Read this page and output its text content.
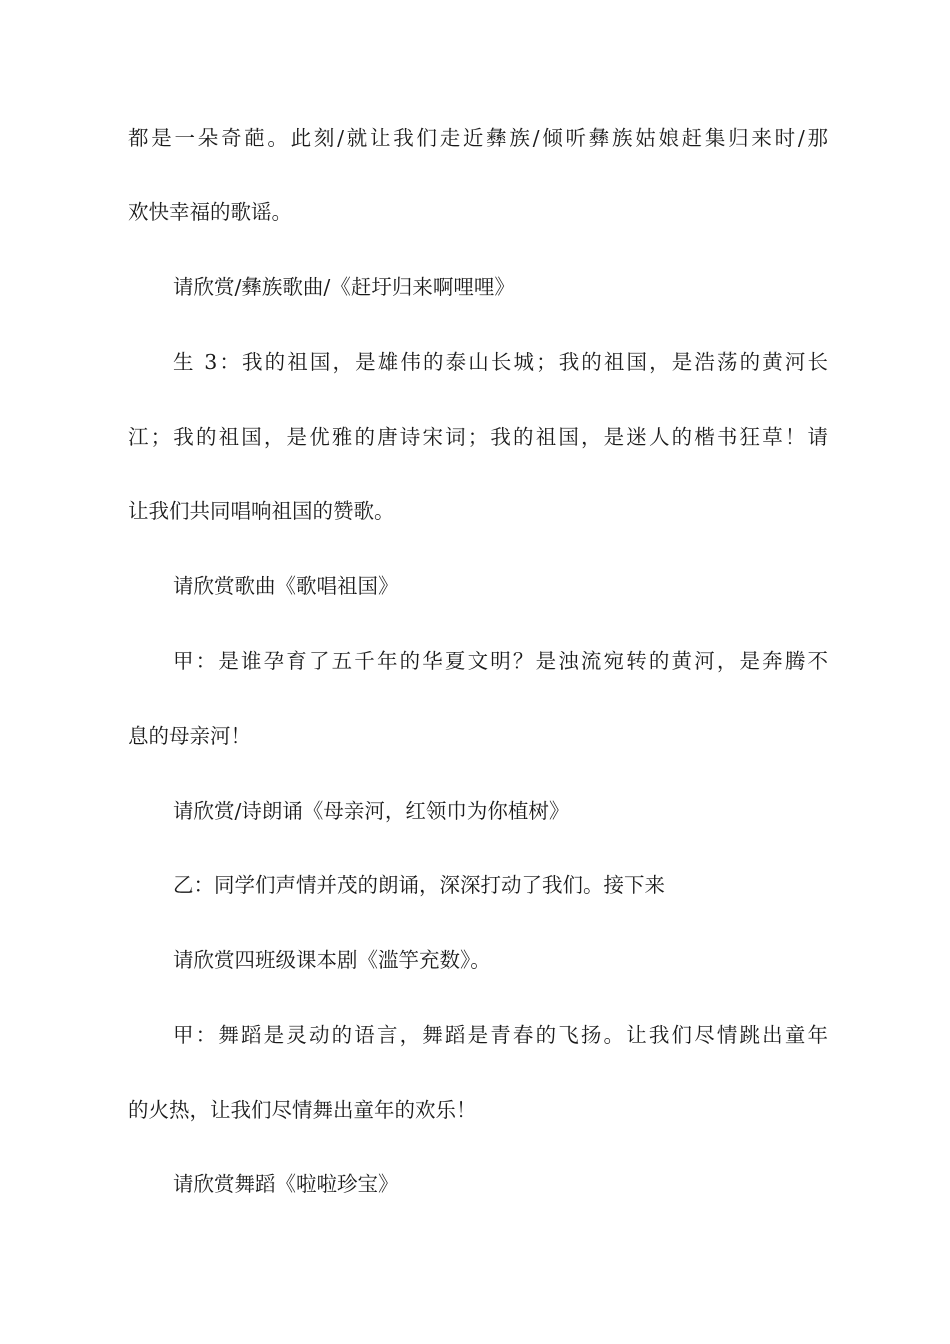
都是一朵奇葩。此刻/就让我们走近彝族/倾听彝族姑娘赶集归来时/那
欢快幸福的歌谣。
请欣赏/彝族歌曲/《赶圩归来啊哩哩》
生 3：我的祖国，是雄伟的泰山长城；我的祖国，是浩荡的黄河长
江；我的祖国，是优雅的唐诗宋词；我的祖国，是迷人的楷书狂草！请
让我们共同唱响祖国的赞歌。
请欣赏歌曲《歌唱祖国》
甲：是谁孕育了五千年的华夏文明？是浊流宛转的黄河，是奔腾不
息的母亲河！
请欣赏/诗朗诵《母亲河，红领巾为你植树》
乙：同学们声情并茂的朗诵，深深打动了我们。接下来
请欣赏四班级课本剧《滥竽充数》。
甲：舞蹈是灵动的语言，舞蹈是青春的飞扬。让我们尽情跳出童年
的火热，让我们尽情舞出童年的欢乐！
请欣赏舞蹈《啦啦珍宝》
